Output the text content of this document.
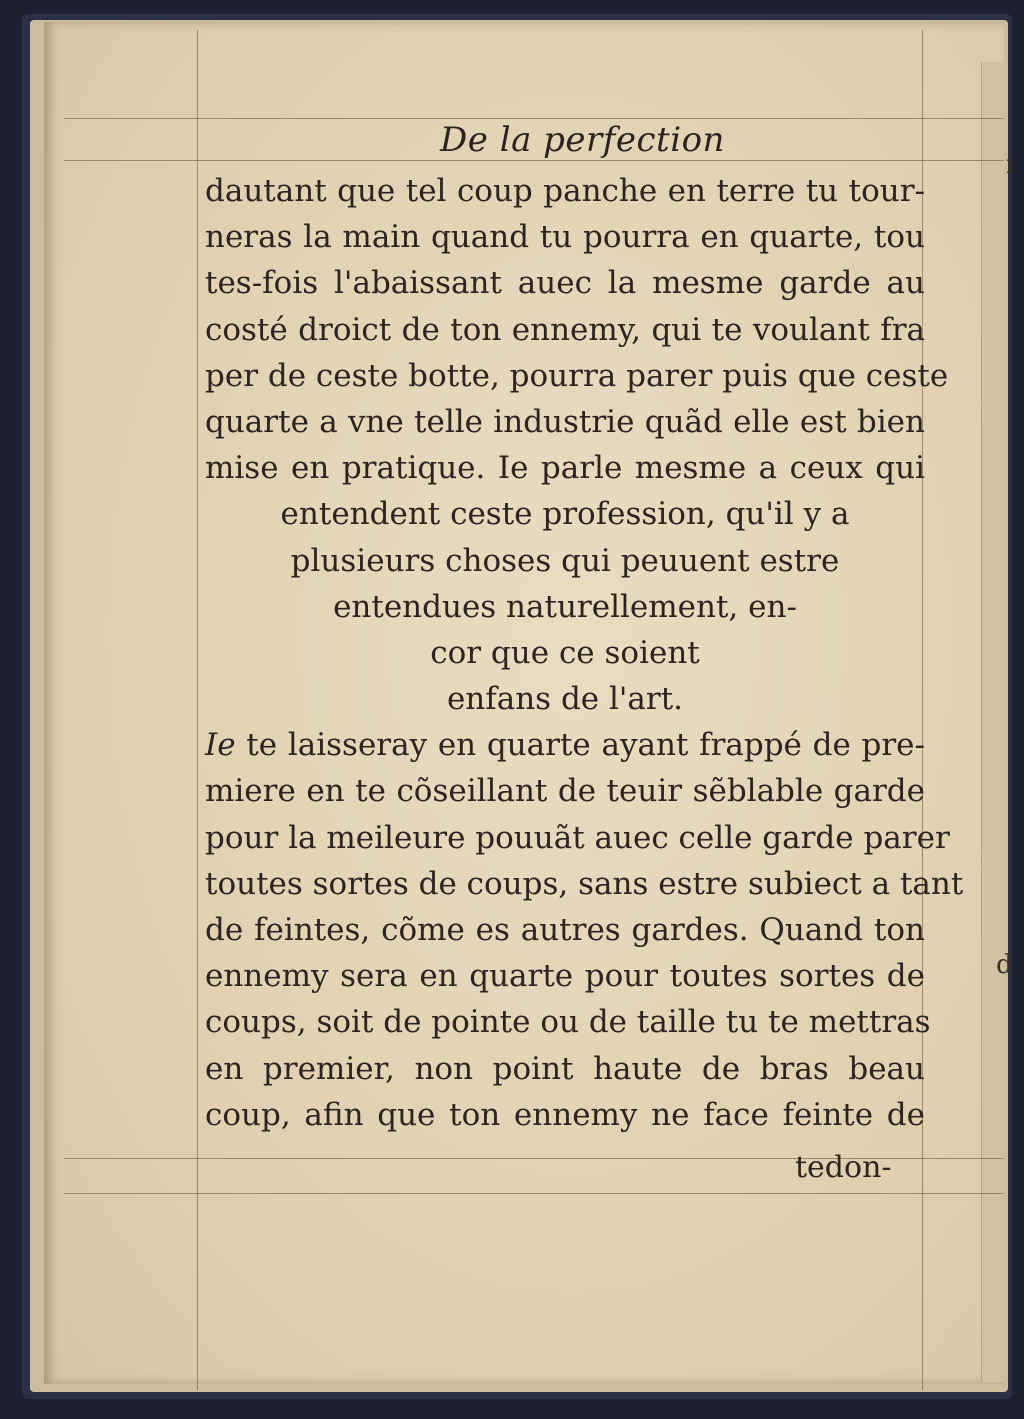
De la perfection
dautant que tel coup panche en terre tu tour-
neras la main quand tu pourra en quarte, tou
tes-fois l'abaissant auec la mesme garde au
costé droict de ton ennemy, qui te voulant fra
per de ceste botte, pourra parer puis que ceste
quarte a vne telle industrie quãd elle est bien
mise en pratique. Ie parle mesme a ceux qui
entendent ceste profession, qu'il y a
plusieurs choses qui peuuent estre
entendues naturellement, en-
cor que ce soient
enfans de l'art.
Ie te laisseray en quarte ayant frappé de pre-
miere en te cõseillant de teuir sẽblable garde
pour la meileure pouuãt auec celle garde parer
toutes sortes de coups, sans estre subiect a tant
de feintes, cõme es autres gardes. Quand ton
ennemy sera en quarte pour toutes sortes de
coups, soit de pointe ou de taille tu te mettras
en premier, non point haute de bras beau
coup, afin que ton ennemy ne face feinte de
tedon-
i
d
